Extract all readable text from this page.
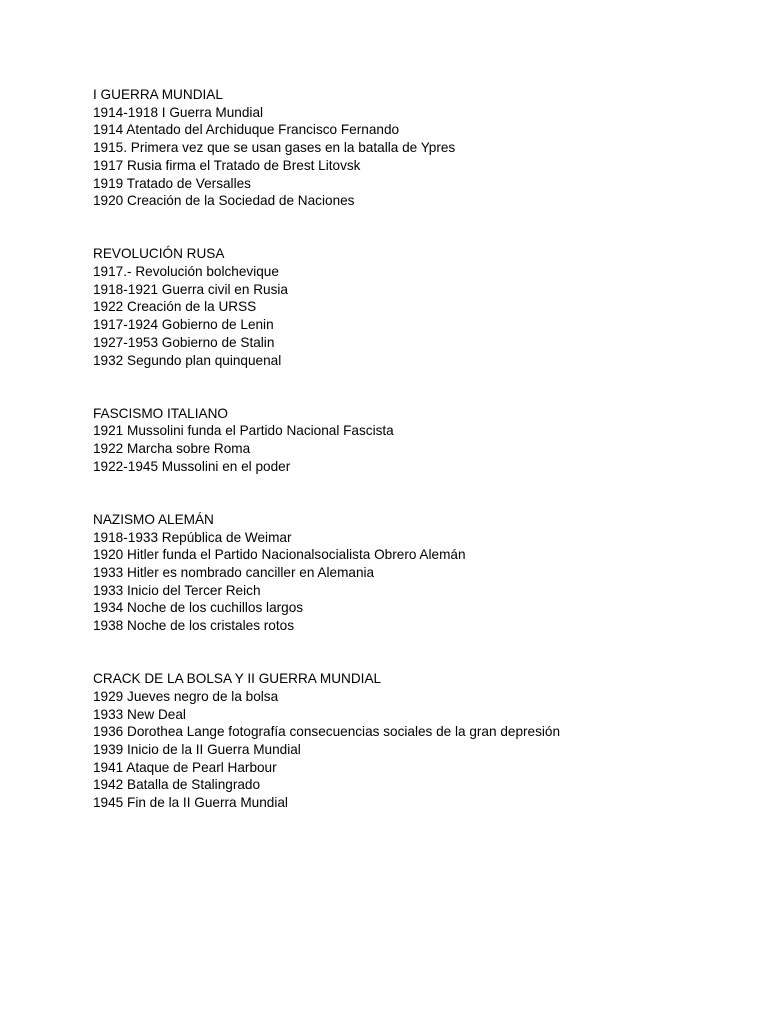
I GUERRA MUNDIAL
1914-1918 I Guerra Mundial
1914 Atentado del Archiduque Francisco Fernando
1915. Primera vez que se usan gases en la batalla de Ypres
1917 Rusia firma el Tratado de Brest Litovsk
1919 Tratado de Versalles
1920 Creación de la Sociedad de Naciones
REVOLUCIÓN RUSA
1917.- Revolución bolchevique
1918-1921 Guerra civil en Rusia
1922 Creación de la URSS
1917-1924 Gobierno de Lenin
1927-1953 Gobierno de Stalin
1932 Segundo plan quinquenal
FASCISMO ITALIANO
1921 Mussolini funda el Partido Nacional Fascista
1922 Marcha sobre Roma
1922-1945 Mussolini en el poder
NAZISMO ALEMÁN
1918-1933 República de Weimar
1920 Hitler funda el Partido Nacionalsocialista Obrero Alemán
1933 Hitler es nombrado canciller en Alemania
1933 Inicio del Tercer Reich
1934 Noche de los cuchillos largos
1938 Noche de los cristales rotos
CRACK DE LA BOLSA Y II GUERRA MUNDIAL
1929 Jueves negro de la bolsa
1933 New Deal
1936 Dorothea Lange fotografía consecuencias sociales de la gran depresión
1939 Inicio de la II Guerra Mundial
1941 Ataque de Pearl Harbour
1942 Batalla de Stalingrado
1945 Fin de la II Guerra Mundial
